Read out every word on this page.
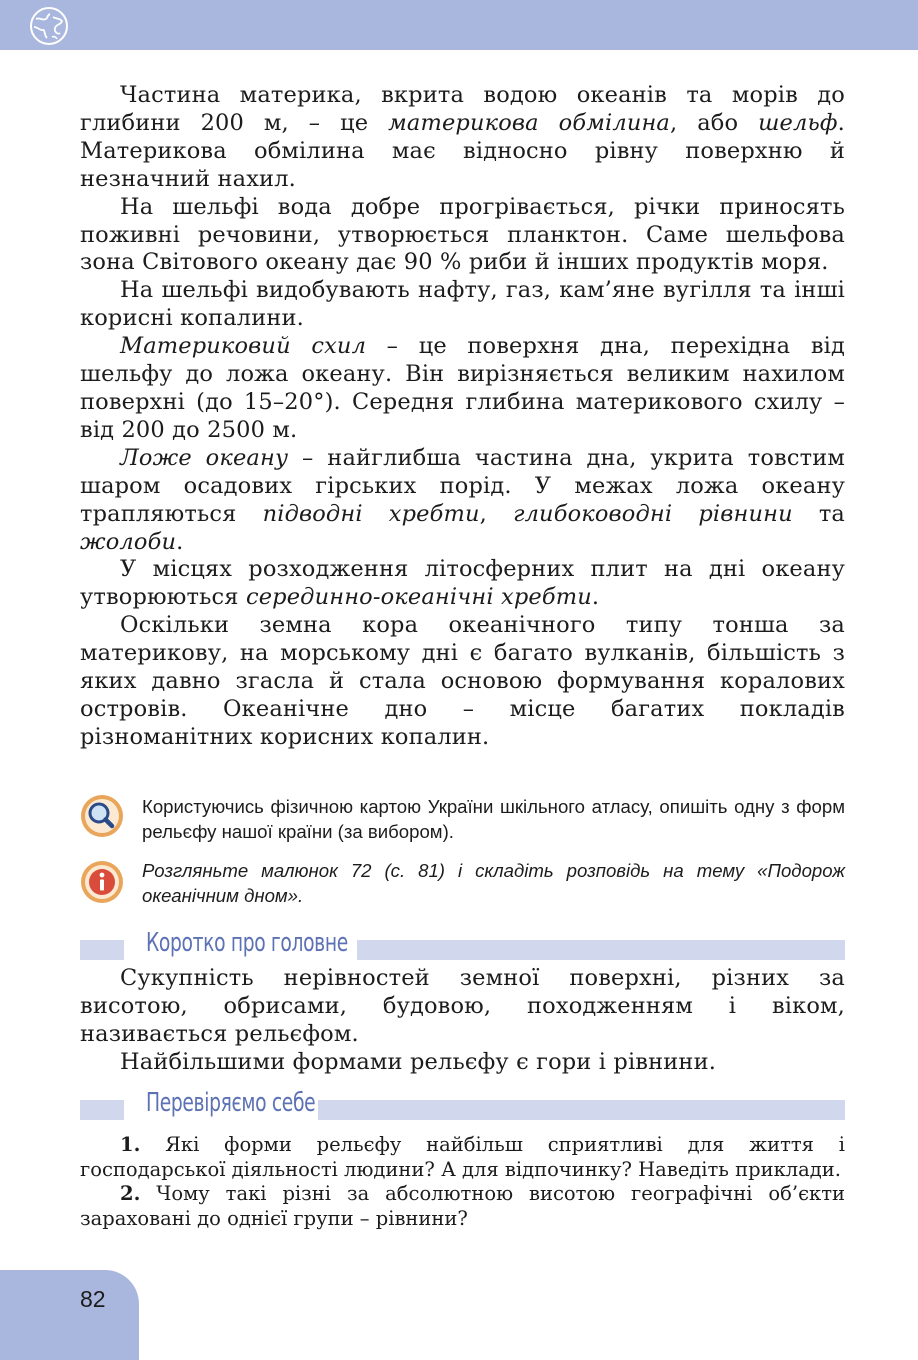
Частина материка, вкрита водою океанів та морів до глибини 200 м, – це материкова обмілина, або шельф. Материкова обмілина має відносно рівну поверхню й незначний нахил.

На шельфі вода добре прогрівається, річки приносять поживні речовини, утворюється планктон. Саме шельфова зона Світового океану дає 90 % риби й інших продуктів моря.

На шельфі видобувають нафту, газ, кам’яне вугілля та інші корисні копалини.

Материковий схил – це поверхня дна, перехідна від шельфу до ложа океану. Він вирізняється великим нахилом поверхні (до 15–20°). Середня глибина материкового схилу – від 200 до 2500 м.

Ложе океану – найглибша частина дна, укрита товстим шаром осадових гірських порід. У межах ложа океану трапляються підводні хребти, глибоководні рівнини та жолоби.

У місцях розходження літосферних плит на дні океану утворюються серединно-океанічні хребти.

Оскільки земна кора океанічного типу тонша за материкову, на морському дні є багато вулканів, більшість з яких давно згасла й стала основою формування коралових островів. Океанічне дно – місце багатих покладів різноманітних корисних копалин.

Користуючись фізичною картою України шкільного атласу, опишіть одну з форм рельєфу нашої країни (за вибором).

Розгляньте малюнок 72 (с. 81) і складіть розповідь на тему «Подорож океанічним дном».

Коротко про головне

Сукупність нерівностей земної поверхні, різних за висотою, обрисами, будовою, походженням і віком, називається рельєфом.

Найбільшими формами рельєфу є гори і рівнини.

Перевіряємо себе

1. Які форми рельєфу найбільш сприятливі для життя і господарської діяльності людини? А для відпочинку? Наведіть приклади.

2. Чому такі різні за абсолютною висотою географічні об’єкти зараховані до однієї групи – рівнини?

82
